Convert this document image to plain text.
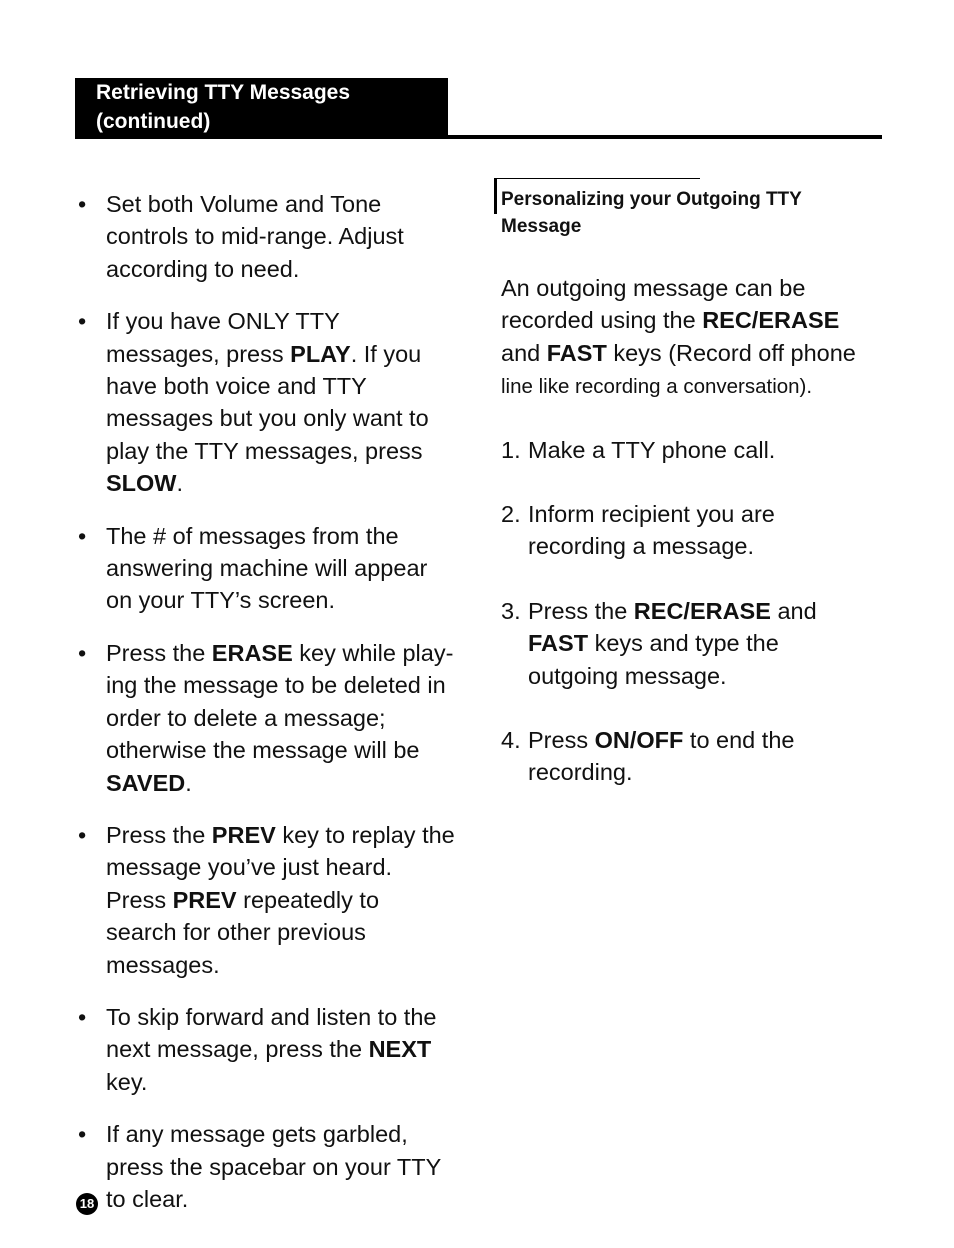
Retrieving TTY Messages
(continued)
• Set both Volume and Tone controls to mid-range. Adjust according to need.
• If you have ONLY TTY messages, press PLAY. If you have both voice and TTY messages but you only want to play the TTY messages, press SLOW.
• The # of messages from the answering machine will appear on your TTY’s screen.
• Press the ERASE key while play-ing the message to be deleted in order to delete a message; otherwise the message will be SAVED.
• Press the PREV key to replay the message you’ve just heard. Press PREV repeatedly to search for other previous messages.
• To skip forward and listen to the next message, press the NEXT key.
• If any message gets garbled, press the spacebar on your TTY to clear.
Personalizing your Outgoing TTY Message
An outgoing message can be recorded using the REC/ERASE and FAST keys (Record off phone line like recording a conversation).
1. Make a TTY phone call.
2. Inform recipient you are recording a message.
3. Press the REC/ERASE and FAST keys and type the outgoing message.
4. Press ON/OFF to end the recording.
18
